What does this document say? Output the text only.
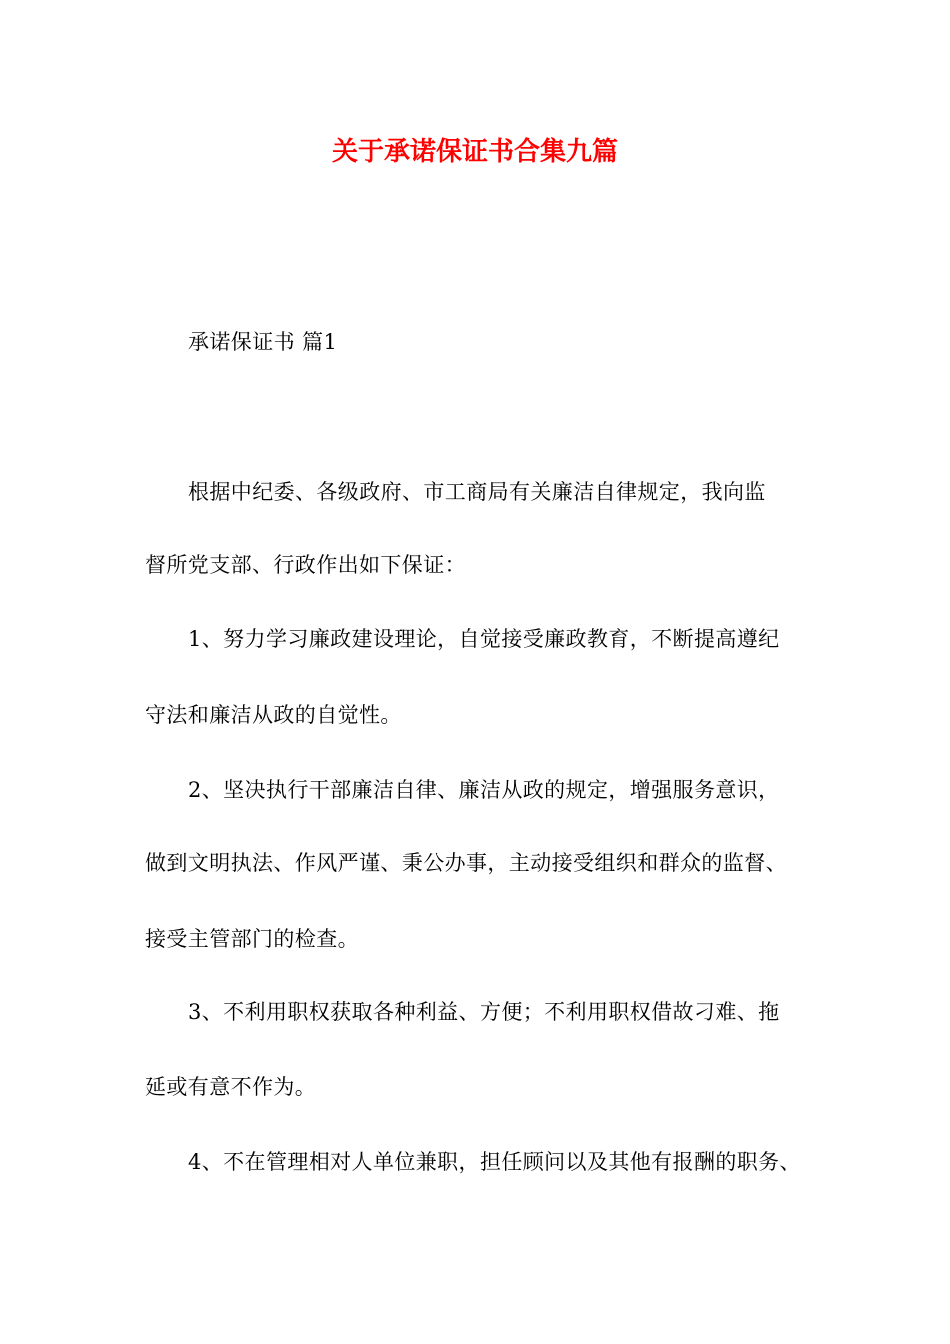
关于承诺保证书合集九篇
承诺保证书 篇1
根据中纪委、各级政府、市工商局有关廉洁自律规定，我向监
督所党支部、行政作出如下保证：
1、努力学习廉政建设理论，自觉接受廉政教育，不断提高遵纪
守法和廉洁从政的自觉性。
2、坚决执行干部廉洁自律、廉洁从政的规定，增强服务意识，
做到文明执法、作风严谨、秉公办事，主动接受组织和群众的监督、
接受主管部门的检查。
3、不利用职权获取各种利益、方便；不利用职权借故刁难、拖
延或有意不作为。
4、不在管理相对人单位兼职，担任顾问以及其他有报酬的职务、
